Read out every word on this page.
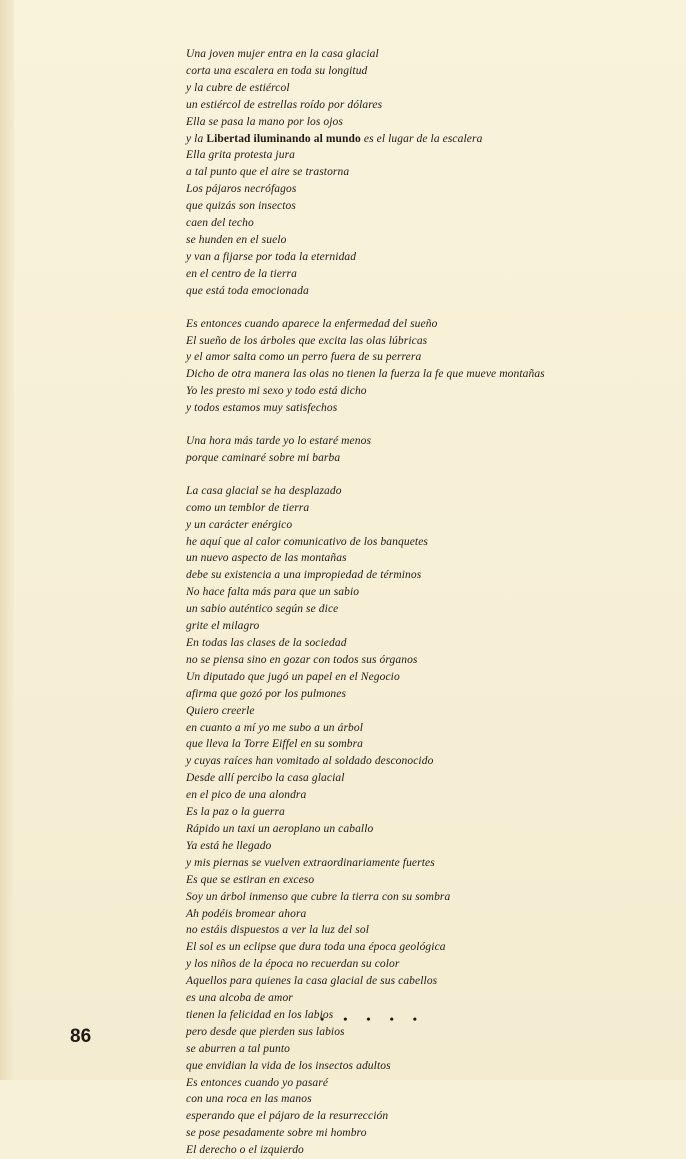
Una joven mujer entra en la casa glacial
corta una escalera en toda su longitud
y la cubre de estiércol
un estiércol de estrellas roído por dólares
Ella se pasa la mano por los ojos
y la Libertad iluminando al mundo es el lugar de la escalera
Ella grita protesta jura
a tal punto que el aire se trastorna
Los pájaros necrófagos
que quizás son insectos
caen del techo
se hunden en el suelo
y van a fijarse por toda la eternidad
en el centro de la tierra
que está toda emocionada
Es entonces cuando aparece la enfermedad del sueño
El sueño de los árboles que excita las olas lúbricas
y el amor salta como un perro fuera de su perrera
Dicho de otra manera las olas no tienen la fuerza la fe que mueve montañas
Yo les presto mi sexo y todo está dicho
y todos estamos muy satisfechos
Una hora más tarde yo lo estaré menos
porque caminaré sobre mi barba
La casa glacial se ha desplazado
como un temblor de tierra
y un carácter enérgico
he aquí que al calor comunicativo de los banquetes
un nuevo aspecto de las montañas
debe su existencia a una impropiedad de términos
No hace falta más para que un sabio
un sabio auténtico según se dice
grite el milagro
En todas las clases de la sociedad
no se piensa sino en gozar con todos sus órganos
Un diputado que jugó un papel en el Negocio
afirma que gozó por los pulmones
Quiero creerle
en cuanto a mí yo me subo a un árbol
que lleva la Torre Eiffel en su sombra
y cuyas raíces han vomitado al soldado desconocido
Desde allí percibo la casa glacial
en el pico de una alondra
Es la paz o la guerra
Rápido un taxi un aeroplano un caballo
Ya está he llegado
y mis piernas se vuelven extraordinariamente fuertes
Es que se estiran en exceso
Soy un árbol inmenso que cubre la tierra con su sombra
Ah podéis bromear ahora
no estáis dispuestos a ver la luz del sol
El sol es un eclipse que dura toda una época geológica
y los niños de la época no recuerdan su color
Aquellos para quienes la casa glacial de sus cabellos
es una alcoba de amor
tienen la felicidad en los labios
pero desde que pierden sus labios
se aburren a tal punto
que envidian la vida de los insectos adultos
Es entonces cuando yo pasaré
con una roca en las manos
esperando que el pájaro de la resurrección
se pose pesadamente sobre mi hombro
El derecho o el izquierdo
• • • • •
86
